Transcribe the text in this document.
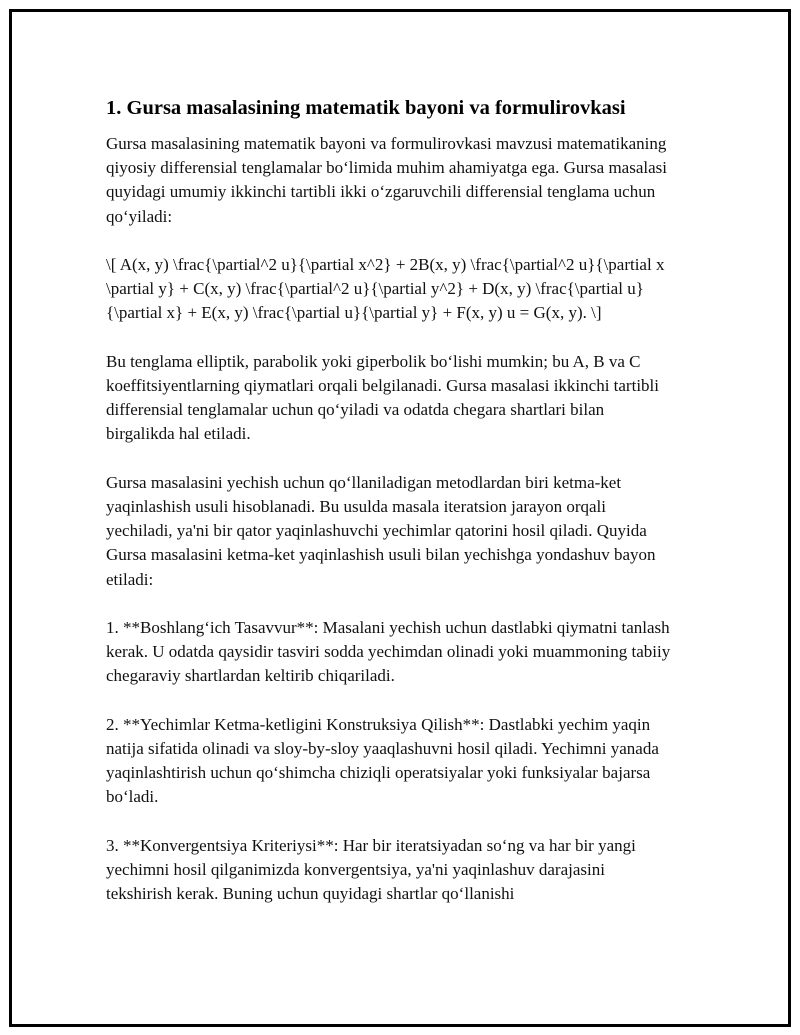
1. Gursa masalasining matematik bayoni va formulirovkasi

Gursa masalasining matematik bayoni va formulirovkasi mavzusi matematikaning qiyosiy differensial tenglamalar bo‘limida muhim ahamiyatga ega. Gursa masalasi quyidagi umumiy ikkinchi tartibli ikki o‘zgaruvchili differensial tenglama uchun qo‘yiladi:

\[ A(x, y) \frac{\partial^2 u}{\partial x^2} + 2B(x, y) \frac{\partial^2 u}{\partial x \partial y} + C(x, y) \frac{\partial^2 u}{\partial y^2} + D(x, y) \frac{\partial u}{\partial x} + E(x, y) \frac{\partial u}{\partial y} + F(x, y) u = G(x, y). \]

Bu tenglama elliptik, parabolik yoki giperbolik bo‘lishi mumkin; bu A, B va C koeffitsiyentlarning qiymatlari orqali belgilanadi. Gursa masalasi ikkinchi tartibli differensial tenglamalar uchun qo‘yiladi va odatda chegara shartlari bilan birgalikda hal etiladi.

Gursa masalasini yechish uchun qo‘llaniladigan metodlardan biri ketma-ket yaqinlashish usuli hisoblanadi. Bu usulda masala iteratsion jarayon orqali yechiladi, ya'ni bir qator yaqinlashuvchi yechimlar qatorini hosil qiladi. Quyida Gursa masalasini ketma-ket yaqinlashish usuli bilan yechishga yondashuv bayon etiladi:

1. **Boshlang‘ich Tasavvur**: Masalani yechish uchun dastlabki qiymatni tanlash kerak. U odatda qaysidir tasviri sodda yechimdan olinadi yoki muammoning tabiiy chegaraviy shartlardan keltirib chiqariladi.

2. **Yechimlar Ketma-ketligini Konstruksiya Qilish**: Dastlabki yechim yaqin natija sifatida olinadi va sloy-by-sloy yaaqlashuvni hosil qiladi. Yechimni yanada yaqinlashtirish uchun qo‘shimcha chiziqli operatsiyalar yoki funksiyalar bajarsa bo‘ladi.

3. **Konvergentsiya Kriteriysi**: Har bir iteratsiyadan so‘ng va har bir yangi yechimni hosil qilganimizda konvergentsiya, ya'ni yaqinlashuv darajasini tekshirish kerak. Buning uchun quyidagi shartlar qo‘llanishi
